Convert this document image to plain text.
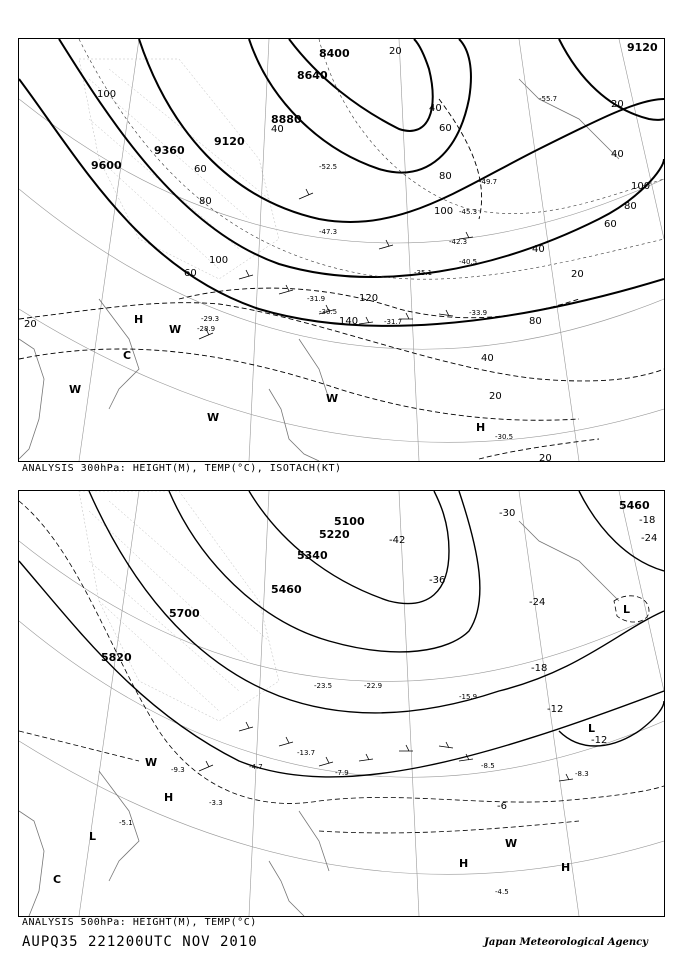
9600
9360
9120
8880
8640
8400	9120
100
80
60
40
20
120
140
100
80
60
40
20
20
40
60
80
100
40
60
80
100
20
40
20
20
-31.9
-30.5
-28.9
-29.3	-31.7
-33.9
-35.1
-40.5
-42.3
-45.3
-47.3
-49.7
-52.5
-55.7
-30.5
H
H
C
W
W
W
W
ANALYSIS 300hPa: HEIGHT(M), TEMP(°C), ISOTACH(KT)
5820
5700
5460
5340
5220
5100
5460
-42
-36
-30
-24
-18
-12
-12
-6
-18
-24
-9.3	-7.9
-4.7
-3.3
-5.1
-8.5
-8.3
-13.7
-15.9
-22.9
-23.5
-4.5
H
H	H
L
L
L
C
W
W
ANALYSIS 500hPa: HEIGHT(M), TEMP(°C)
AUPQ35 221200UTC NOV 2010	Japan Meteorological Agency
